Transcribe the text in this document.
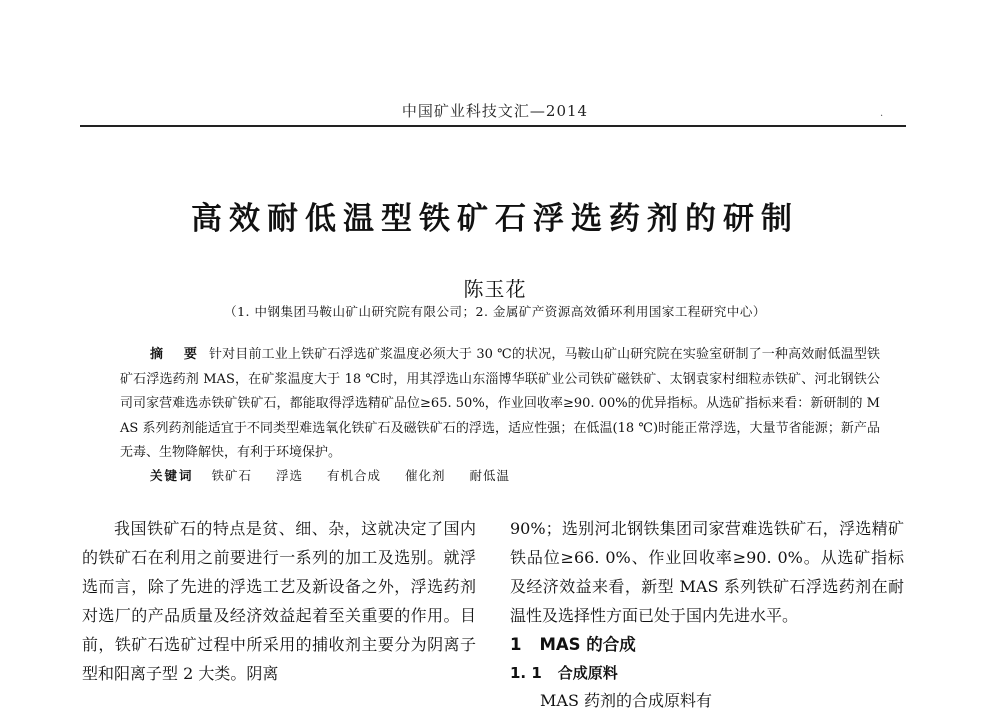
中国矿业科技文汇—2014	.
高效耐低温型铁矿石浮选药剂的研制
陈玉花
（1. 中钢集团马鞍山矿山研究院有限公司；2. 金属矿产资源高效循环利用国家工程研究中心）
摘 要 针对目前工业上铁矿石浮选矿浆温度必须大于 30 ℃的状况，马鞍山矿山研究院在实验室研制了一种高效耐低温型铁矿石浮选药剂 MAS，在矿浆温度大于 18 ℃时，用其浮选山东淄博华联矿业公司铁矿磁铁矿、太钢袁家村细粒赤铁矿、河北钢铁公司司家营难选赤铁矿铁矿石，都能取得浮选精矿品位≥65. 50%，作业回收率≥90. 00%的优异指标。从选矿指标来看：新研制的 MAS 系列药剂能适宜于不同类型难选氧化铁矿石及磁铁矿石的浮选，适应性强；在低温(18 ℃)时能正常浮选，大量节省能源；新产品无毒、生物降解快，有利于环境保护。
关键词 铁矿石 浮选 有机合成 催化剂 耐低温

我国铁矿石的特点是贫、细、杂，这就决定了国内的铁矿石在利用之前要进行一系列的加工及选别。就浮选而言，除了先进的浮选工艺及新设备之外，浮选药剂对选厂的产品质量及经济效益起着至关重要的作用。目前，铁矿石选矿过程中所采用的捕收剂主要分为阴离子型和阳离子型 2 大类。阴离

90%；选别河北钢铁集团司家营难选铁矿石，浮选精矿铁品位≥66. 0%、作业回收率≥90. 0%。从选矿指标及经济效益来看，新型 MAS 系列铁矿石浮选药剂在耐温性及选择性方面已处于国内先进水平。

1 MAS 的合成
1. 1 合成原料

MAS 药剂的合成原料有
